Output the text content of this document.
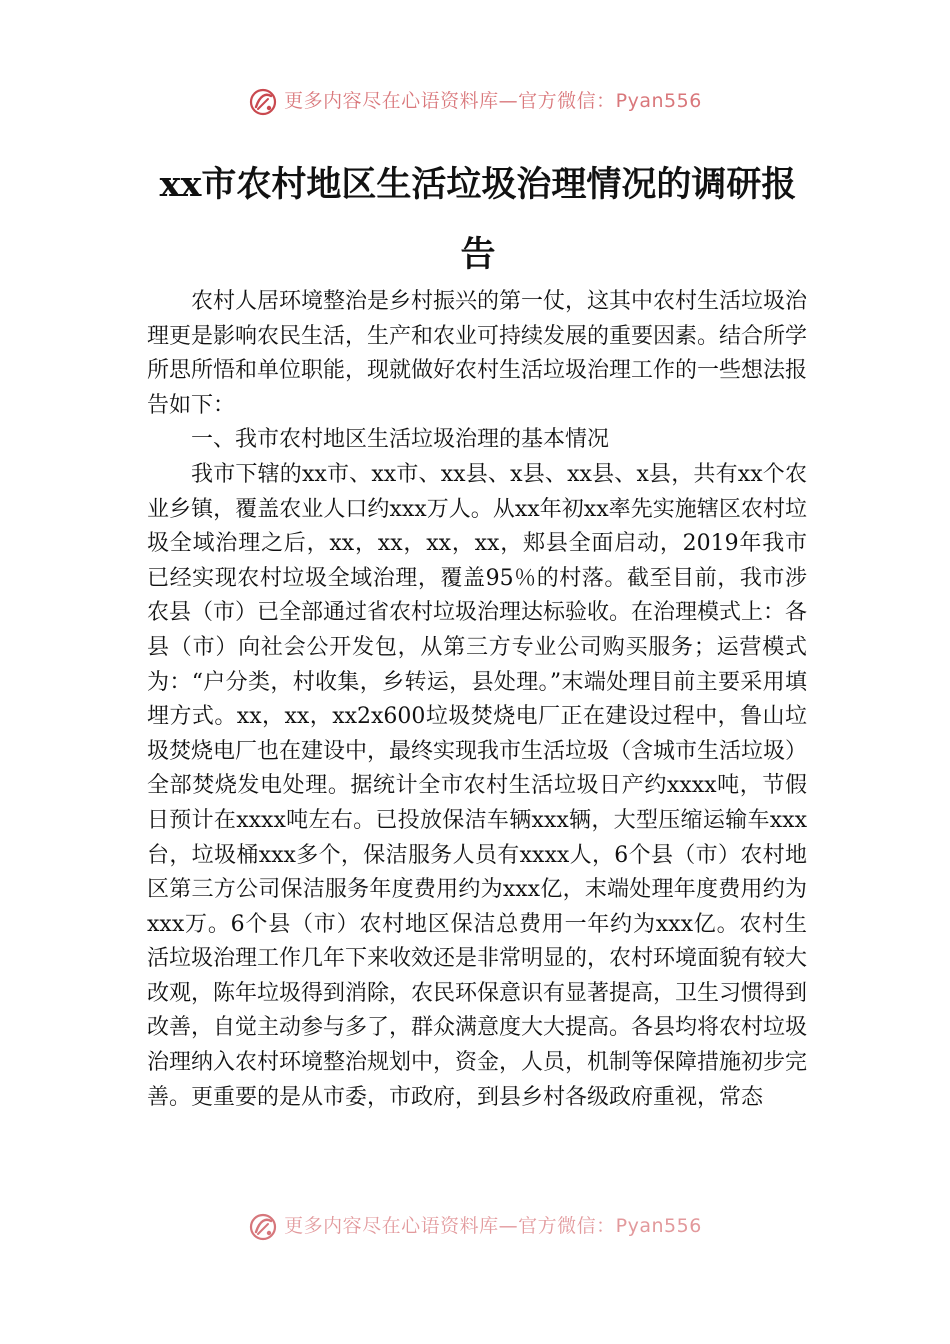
更多内容尽在心语资料库—官方微信：Pyan556
xx市农村地区生活垃圾治理情况的调研报告

农村人居环境整治是乡村振兴的第一仗，这其中农村生活垃圾治理更是影响农民生活，生产和农业可持续发展的重要因素。结合所学所思所悟和单位职能，现就做好农村生活垃圾治理工作的一些想法报告如下：

一、我市农村地区生活垃圾治理的基本情况

我市下辖的xx市、xx市、xx县、x县、xx县、x县，共有xx个农业乡镇，覆盖农业人口约xxx万人。从xx年初xx率先实施辖区农村垃圾全域治理之后，xx，xx，xx，xx，郏县全面启动，2019年我市已经实现农村垃圾全域治理，覆盖95％的村落。截至目前，我市涉农县（市）已全部通过省农村垃圾治理达标验收。在治理模式上：各县（市）向社会公开发包，从第三方专业公司购买服务；运营模式为：“户分类，村收集，乡转运，县处理。”末端处理目前主要采用填埋方式。xx，xx，xx2x600垃圾焚烧电厂正在建设过程中，鲁山垃圾焚烧电厂也在建设中，最终实现我市生活垃圾（含城市生活垃圾）全部焚烧发电处理。据统计全市农村生活垃圾日产约xxxx吨，节假日预计在xxxx吨左右。已投放保洁车辆xxx辆，大型压缩运输车xxx台，垃圾桶xxx多个，保洁服务人员有xxxx人，6个县（市）农村地区第三方公司保洁服务年度费用约为xxx亿，末端处理年度费用约为xxx万。6个县（市）农村地区保洁总费用一年约为xxx亿。农村生活垃圾治理工作几年下来收效还是非常明显的，农村环境面貌有较大改观，陈年垃圾得到消除，农民环保意识有显著提高，卫生习惯得到改善，自觉主动参与多了，群众满意度大大提高。各县均将农村垃圾治理纳入农村环境整治规划中，资金，人员，机制等保障措施初步完善。更重要的是从市委，市政府，到县乡村各级政府重视，常态

更多内容尽在心语资料库—官方微信：Pyan556
